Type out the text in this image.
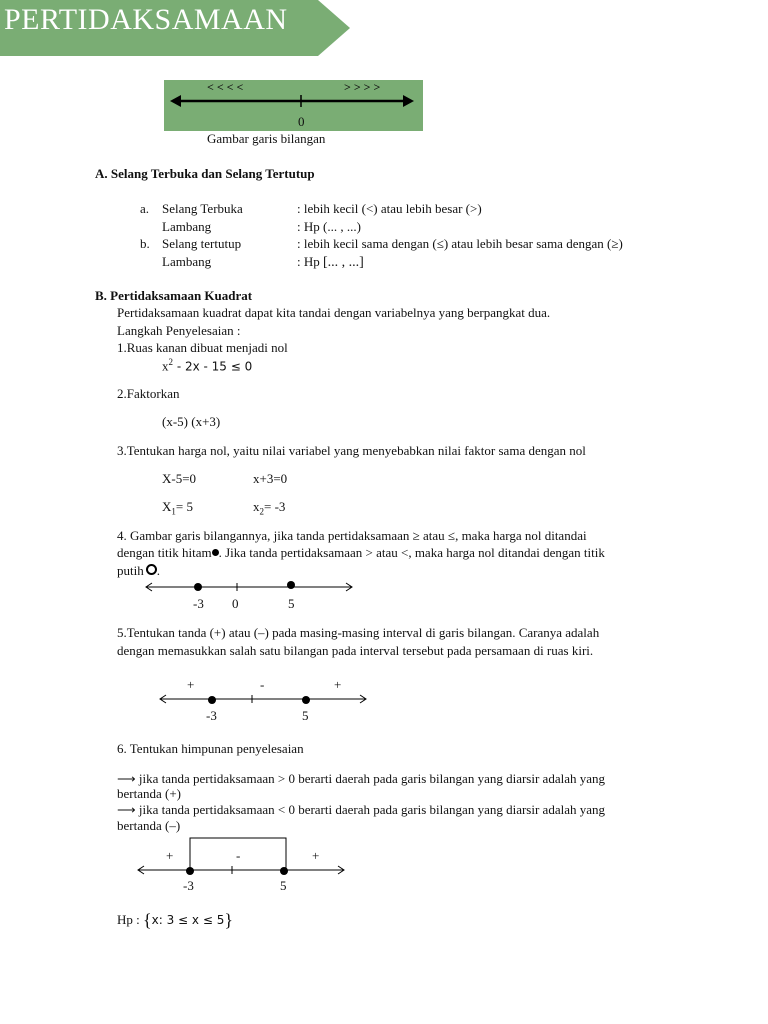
PERTIDAKSAMAAN
< < < <	> > > >
0
Gambar garis bilangan
A. Selang Terbuka dan Selang Tertutup
a. Selang Terbuka	: lebih kecil (<) atau lebih besar (>)
Lambang	: Hp (... , ...)
b. Selang tertutup	: lebih kecil sama dengan (≤) atau lebih besar sama dengan (≥)
Lambang	: Hp [... , ...]
B. Pertidaksamaan Kuadrat
Pertidaksamaan kuadrat dapat kita tandai dengan variabelnya yang berpangkat dua.
Langkah Penyelesaian :
1.Ruas kanan dibuat menjadi nol
$x^2 - 2x - 15 \le 0$
2.Faktorkan
(x-5) (x+3)
3.Tentukan harga nol, yaitu nilai variabel yang menyebabkan nilai faktor sama dengan nol
X-5=0	x+3=0
$X_1= 5$	$x_2= -3$
4. Gambar garis bilangannya, jika tanda pertidaksamaan ≥ atau ≤, maka harga nol ditandai
dengan titik hitam . Jika tanda pertidaksamaan > atau <, maka harga nol ditandai dengan titik
putih .
-3 0	5
5.Tentukan tanda (+) atau (–) pada masing-masing interval di garis bilangan. Caranya adalah
dengan memasukkan salah satu bilangan pada interval tersebut pada persamaan di ruas kiri.
+	-	+
-3	5
6. Tentukan himpunan penyelesaian
⟶ jika tanda pertidaksamaan > 0 berarti daerah pada garis bilangan yang diarsir adalah yang
bertanda (+)
⟶ jika tanda pertidaksamaan < 0 berarti daerah pada garis bilangan yang diarsir adalah yang
bertanda (–)
+	-	+
-3	5
Hp : {x: 3 ≤ x ≤ 5}
